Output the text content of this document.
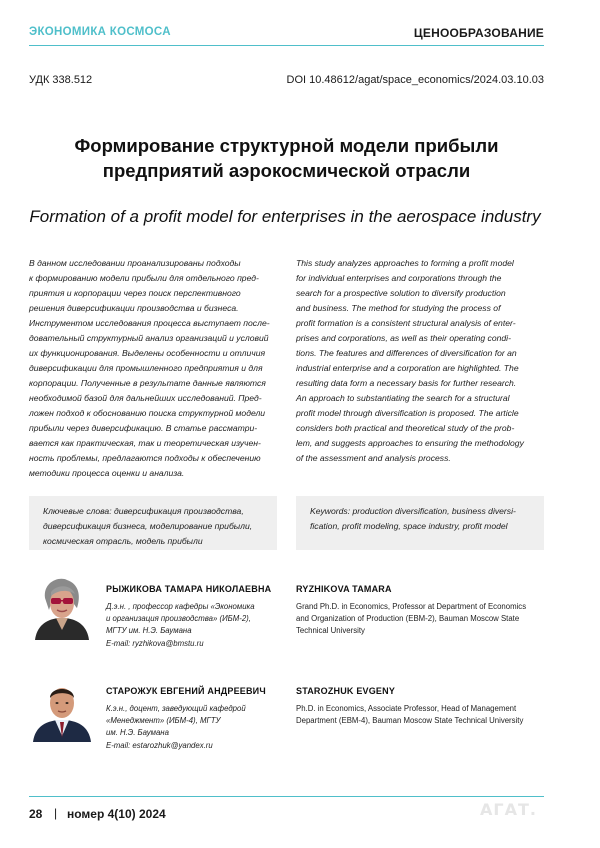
ЭКОНОМИКА КОСМОСА	ЦЕНООБРАЗОВАНИЕ
УДК 338.512	DOI 10.48612/agat/space_economics/2024.03.10.03
Формирование структурной модели прибыли
предприятий аэрокосмической отрасли
Formation of a profit model for enterprises in the aerospace industry
В данном исследовании проанализированы подходы
к формированию модели прибыли для отдельного пред-
приятия и корпорации через поиск перспективного
решения диверсификации производства и бизнеса.
Инструментом исследования процесса выступает после-
довательный структурный анализ организаций и условий
их функционирования. Выделены особенности и отличия
диверсификации для промышленного предприятия и для
корпорации. Полученные в результате данные являются
необходимой базой для дальнейших исследований. Пред-
ложен подход к обоснованию поиска структурной модели
прибыли через диверсификацию. В статье рассматри-
вается как практическая, так и теоретическая изучен-
ность проблемы, предлагаются подходы к обеспечению
методики процесса оценки и анализа.
This study analyzes approaches to forming a profit model
for individual enterprises and corporations through the
search for a prospective solution to diversify production
and business. The method for studying the process of
profit formation is a consistent structural analysis of enter-
prises and corporations, as well as their operating condi-
tions. The features and differences of diversification for an
industrial enterprise and a corporation are highlighted. The
resulting data form a necessary basis for further research.
An approach to substantiating the search for a structural
profit model through diversification is proposed. The article
considers both practical and theoretical study of the prob-
lem, and suggests approaches to ensuring the methodology
of the assessment and analysis process.
Ключевые слова: диверсификация производства,
диверсификация бизнеса, моделирование прибыли,
космическая отрасль, модель прибыли
Keywords: production diversification, business diversi-
fication, profit modeling, space industry, profit model
РЫЖИКОВА ТАМАРА НИКОЛАЕВНА
Д.э.н. , профессор кафедры «Экономика
и организация производства» (ИБМ-2),
МГТУ им. Н.Э. Баумана
E-mail: ryzhikova@bmstu.ru
RYZHIKOVA TAMARA
Grand Ph.D. in Economics, Professor at Department of Economics
and Organization of Production (EBM-2), Bauman Moscow State
Technical University
СТАРОЖУК ЕВГЕНИЙ АНДРЕЕВИЧ
К.э.н., доцент, заведующий кафедрой
«Менеджмент» (ИБМ-4), МГТУ
им. Н.Э. Баумана
E-mail: estarozhuk@yandex.ru
STAROZHUK EVGENY
Ph.D. in Economics, Associate Professor, Head of Management
Department (EBM-4), Bauman Moscow State Technical University
28 | номер 4(10) 2024	АГАТ.
